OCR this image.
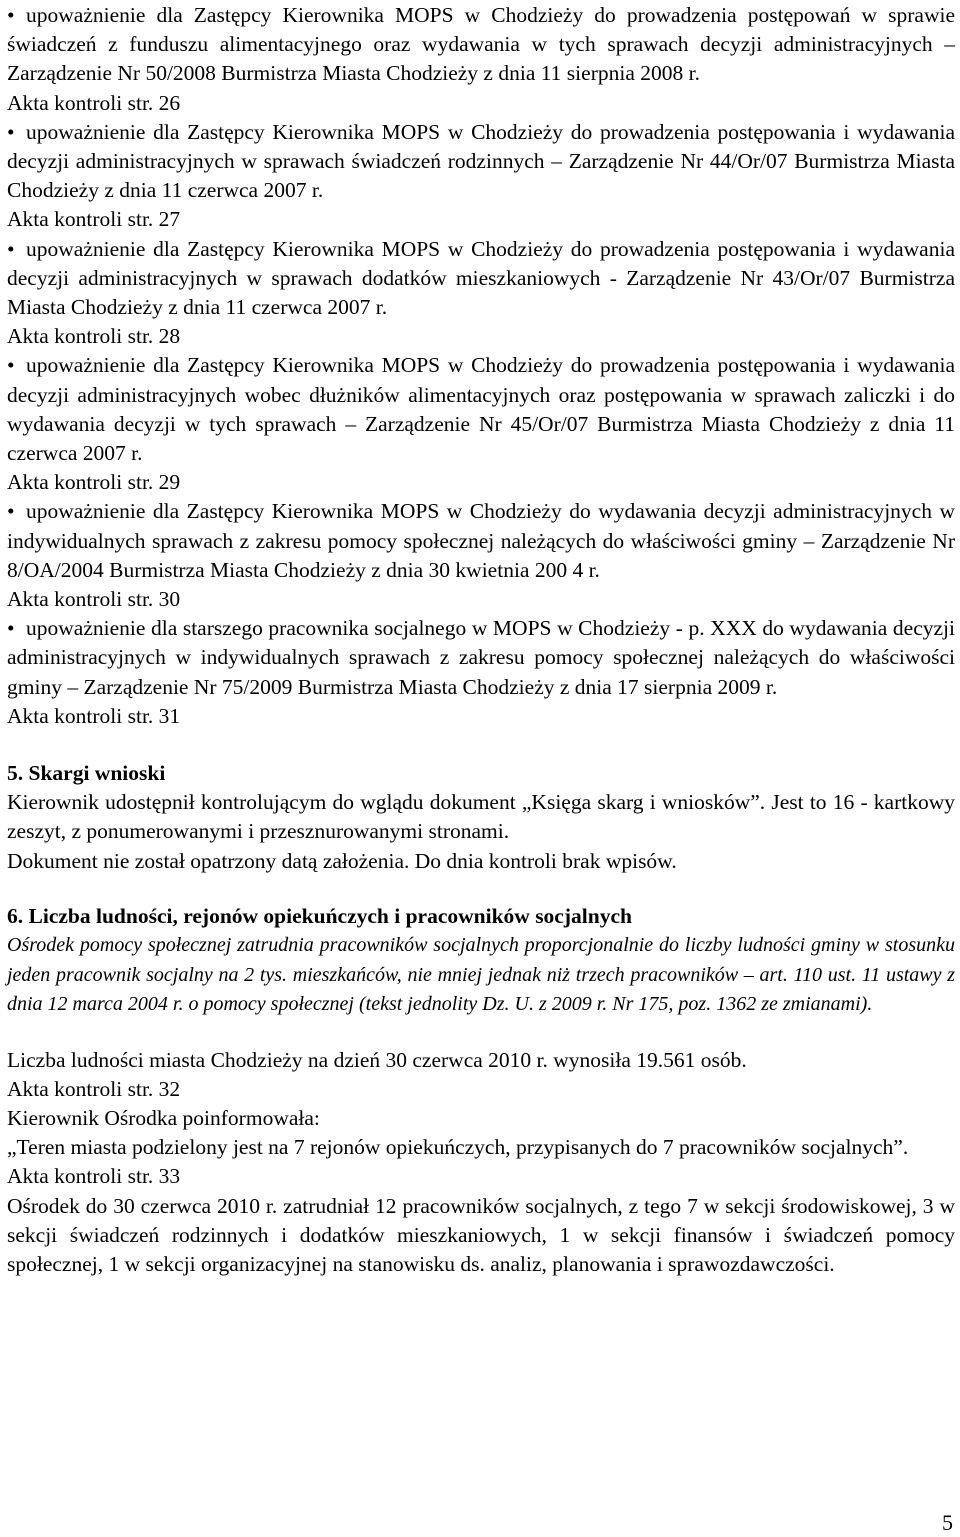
• upoważnienie dla Zastępcy Kierownika MOPS w Chodzieży do prowadzenia postępowań w sprawie świadczeń z funduszu alimentacyjnego oraz wydawania w tych sprawach decyzji administracyjnych – Zarządzenie Nr 50/2008 Burmistrza Miasta Chodzieży z dnia 11 sierpnia 2008 r.

Akta kontroli str. 26

• upoważnienie dla Zastępcy Kierownika MOPS w Chodzieży do prowadzenia postępowania i wydawania decyzji administracyjnych w sprawach świadczeń rodzinnych – Zarządzenie Nr 44/Or/07 Burmistrza Miasta Chodzieży z dnia 11 czerwca 2007 r.

Akta kontroli str. 27

• upoważnienie dla Zastępcy Kierownika MOPS w Chodzieży do prowadzenia postępowania i wydawania decyzji administracyjnych w sprawach dodatków mieszkaniowych - Zarządzenie Nr 43/Or/07 Burmistrza Miasta Chodzieży z dnia 11 czerwca 2007 r.

Akta kontroli str. 28

• upoważnienie dla Zastępcy Kierownika MOPS w Chodzieży do prowadzenia postępowania i wydawania decyzji administracyjnych wobec dłużników alimentacyjnych oraz postępowania w sprawach zaliczki i do wydawania decyzji w tych sprawach – Zarządzenie Nr 45/Or/07 Burmistrza Miasta Chodzieży z dnia 11 czerwca 2007 r.

Akta kontroli str. 29

• upoważnienie dla Zastępcy Kierownika MOPS w Chodzieży do wydawania decyzji administracyjnych w indywidualnych sprawach z zakresu pomocy społecznej należących do właściwości gminy – Zarządzenie Nr 8/OA/2004 Burmistrza Miasta Chodzieży z dnia 30 kwietnia 200 4 r.

Akta kontroli str. 30

• upoważnienie dla starszego pracownika socjalnego w MOPS w Chodzieży - p. XXX do wydawania decyzji administracyjnych w indywidualnych sprawach z zakresu pomocy społecznej należących do właściwości gminy – Zarządzenie Nr 75/2009 Burmistrza Miasta Chodzieży z dnia 17 sierpnia 2009 r.

Akta kontroli str. 31

5. Skargi wnioski

Kierownik udostępnił kontrolującym do wglądu dokument „Księga skarg i wniosków”. Jest to 16 - kartkowy zeszyt, z ponumerowanymi i przesznurowanymi stronami.

Dokument nie został opatrzony datą założenia. Do dnia kontroli brak wpisów.

6. Liczba ludności, rejonów opiekuńczych i pracowników socjalnych

Ośrodek pomocy społecznej zatrudnia pracowników socjalnych proporcjonalnie do liczby ludności gminy w stosunku jeden pracownik socjalny na 2 tys. mieszkańców, nie mniej jednak niż trzech pracowników – art. 110 ust. 11 ustawy z dnia 12 marca 2004 r. o pomocy społecznej (tekst jednolity Dz. U. z 2009 r. Nr 175, poz. 1362 ze zmianami).

Liczba ludności miasta Chodzieży na dzień 30 czerwca 2010 r. wynosiła 19.561 osób.

Akta kontroli str. 32

Kierownik Ośrodka poinformowała:

„Teren miasta podzielony jest na 7 rejonów opiekuńczych, przypisanych do 7 pracowników socjalnych”.

Akta kontroli str. 33

Ośrodek do 30 czerwca 2010 r. zatrudniał 12 pracowników socjalnych, z tego 7 w sekcji środowiskowej, 3 w sekcji świadczeń rodzinnych i dodatków mieszkaniowych, 1 w sekcji finansów i świadczeń pomocy społecznej, 1 w sekcji organizacyjnej na stanowisku ds. analiz, planowania i sprawozdawczości.

5
